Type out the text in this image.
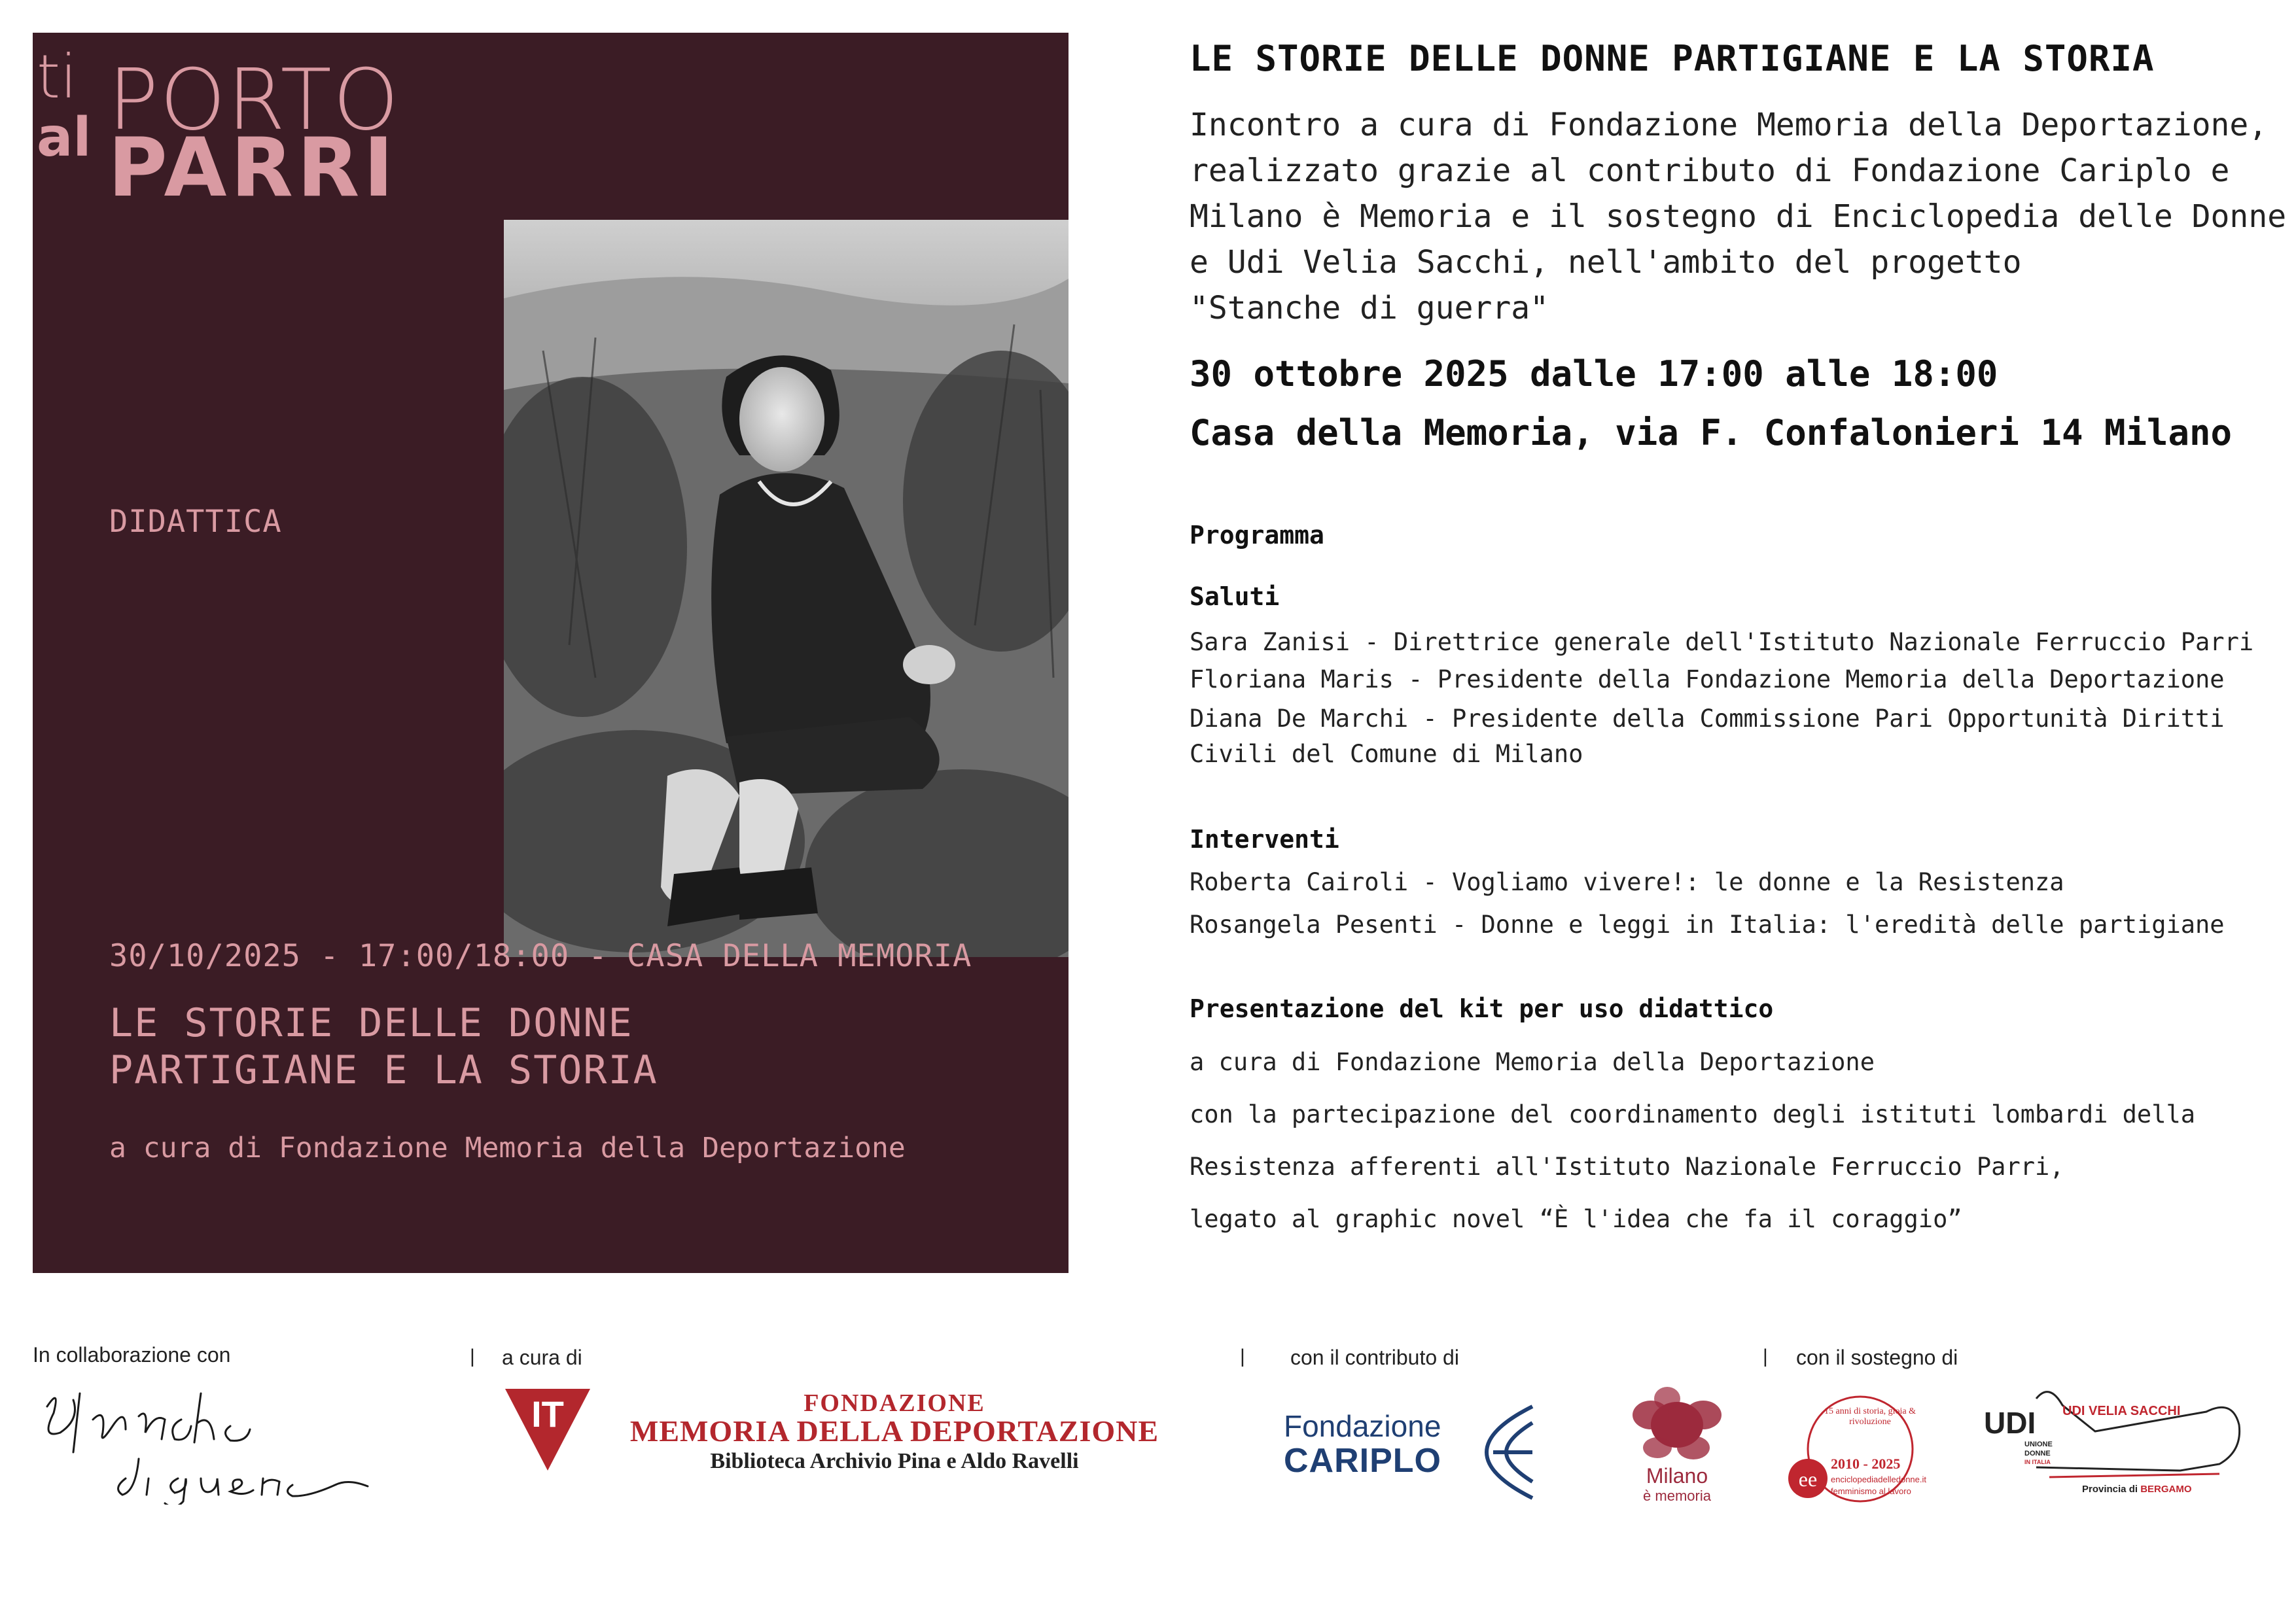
ti
al PORTO
PARRI
DIDATTICA
30/10/2025 - 17:00/18:00 - CASA DELLA MEMORIA
LE STORIE DELLE DONNE
PARTIGIANE E LA STORIA
a cura di Fondazione Memoria della Deportazione
LE STORIE DELLE DONNE PARTIGIANE E LA STORIA
Incontro a cura di Fondazione Memoria della Deportazione,
realizzato grazie al contributo di Fondazione Cariplo e
Milano è Memoria e il sostegno di Enciclopedia delle Donne
e Udi Velia Sacchi, nell'ambito del progetto
"Stanche di guerra"
30 ottobre 2025 dalle 17:00 alle 18:00
Casa della Memoria, via F. Confalonieri 14 Milano
Programma
Saluti
Sara Zanisi - Direttrice generale dell'Istituto Nazionale Ferruccio Parri
Floriana Maris - Presidente della Fondazione Memoria della Deportazione
Diana De Marchi - Presidente della Commissione Pari Opportunità Diritti
Civili del Comune di Milano
Interventi
Roberta Cairoli - Vogliamo vivere!: le donne e la Resistenza
Rosangela Pesenti - Donne e leggi in Italia: l'eredità delle partigiane
Presentazione del kit per uso didattico
a cura di Fondazione Memoria della Deportazione
con la partecipazione del coordinamento degli istituti lombardi della
Resistenza afferenti all'Istituto Nazionale Ferruccio Parri,
legato al graphic novel “È l'idea che fa il coraggio”
In collaborazione con	| a cura di	| con il contributo di	| con il sostegno di
Stanche di guerra
IT	FONDAZIONE
MEMORIA DELLA DEPORTAZIONE
Biblioteca Archivio Pina e Aldo Ravelli
Fondazione
CARIPLO	Milano
è memoria
ee
15 anni di storia, gioia & rivoluzione
2010 - 2025
enciclopediadelledonne.it
femminismo al lavoro
UDI
UNIONE
DONNE
IN ITALIA
UDI VELIA SACCHI
Provincia di BERGAMO
